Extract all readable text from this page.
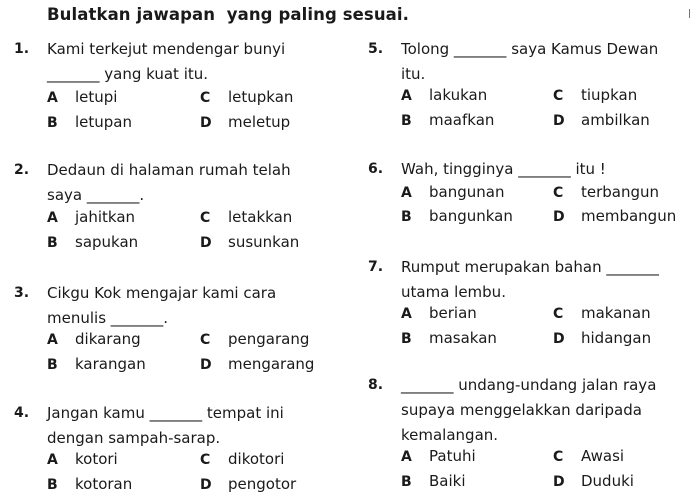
Bulatkan jawapan  yang paling sesuai.
1. Kami terkejut mendengar bunyi
_______ yang kuat itu.
A letupi
B letupan
C letupkan
D meletup
2. Dedaun di halaman rumah telah
saya _______.
A jahitkan
B sapukan
C letakkan
D susunkan
3. Cikgu Kok mengajar kami cara
menulis _______.
A dikarang
B karangan
C pengarang
D mengarang
4. Jangan kamu _______ tempat ini
dengan sampah-sarap.
A kotori
B kotoran
C dikotori
D pengotor
5. Tolong _______ saya Kamus Dewan
itu.
A lakukan
B maafkan
C tiupkan
D ambilkan
6. Wah, tingginya _______ itu !
A bangunan
B bangunkan
C terbangun
D membangun
7. Rumput merupakan bahan _______
utama lembu.
A berian
B masakan
C makanan
D hidangan
8. _______ undang-undang jalan raya
supaya menggelakkan daripada
kemalangan.
A Patuhi
B Baiki
C Awasi
D Duduki
